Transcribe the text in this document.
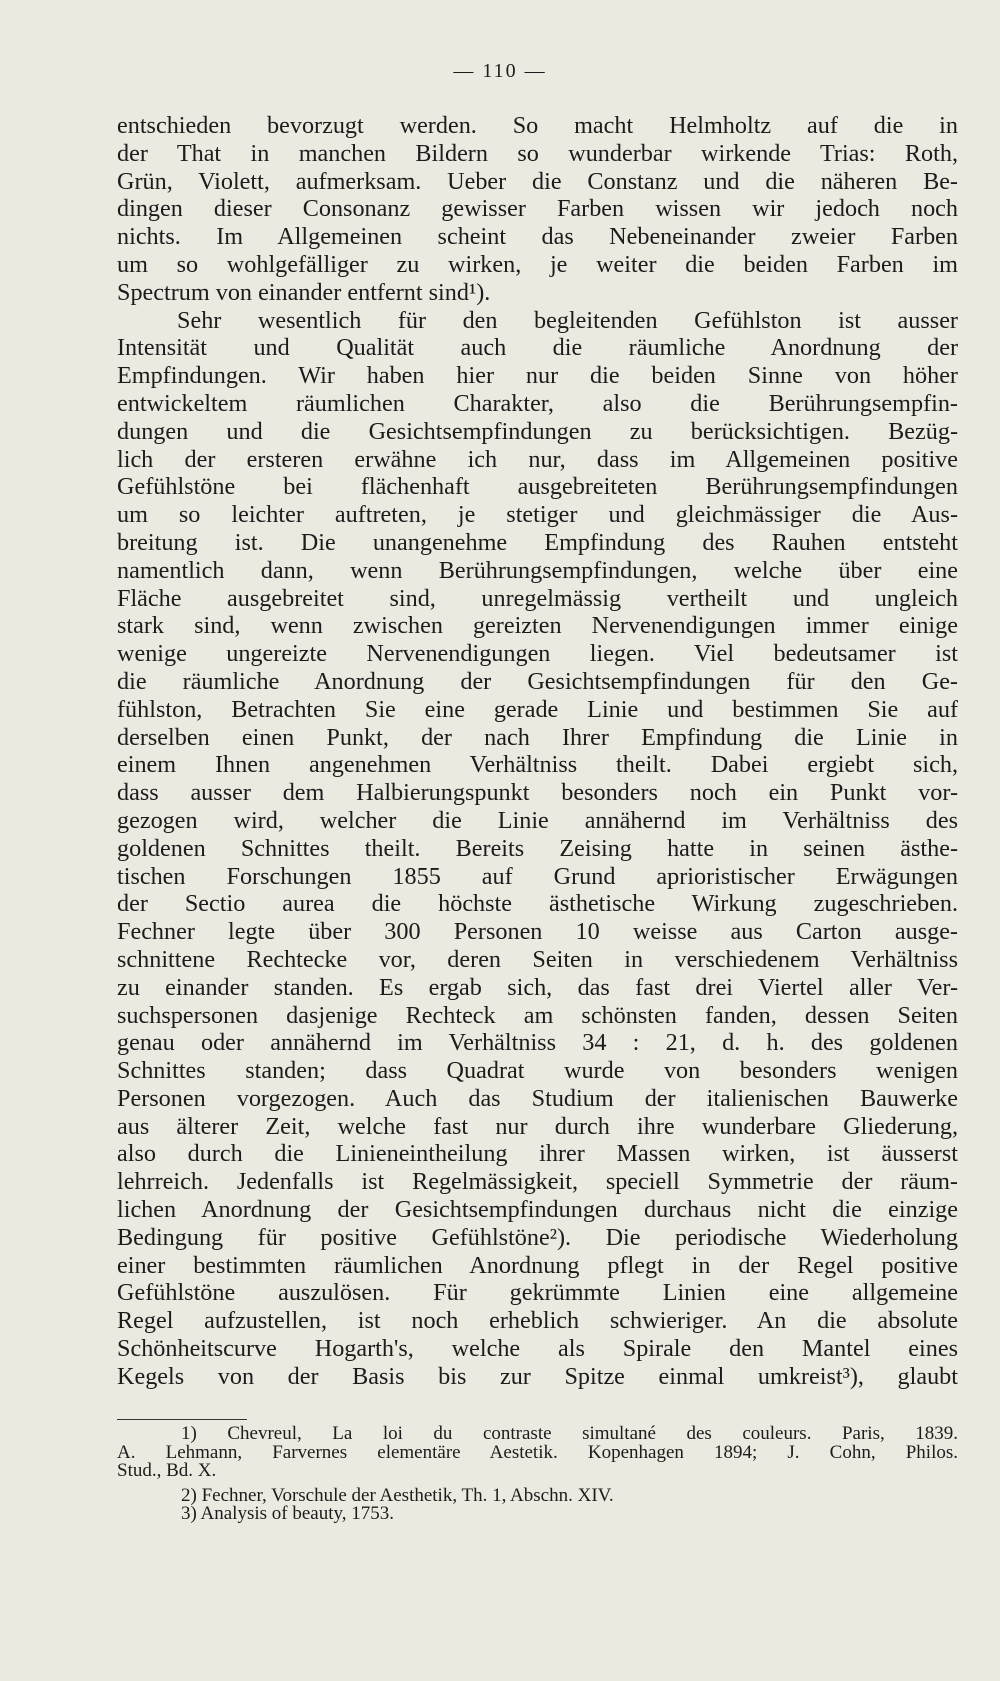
— 110 —
entschieden bevorzugt werden. So macht Helmholtz auf die in
der That in manchen Bildern so wunderbar wirkende Trias: Roth,
Grün, Violett, aufmerksam. Ueber die Constanz und die näheren Be-
dingen dieser Consonanz gewisser Farben wissen wir jedoch noch
nichts. Im Allgemeinen scheint das Nebeneinander zweier Farben
um so wohlgefälliger zu wirken, je weiter die beiden Farben im
Spectrum von einander entfernt sind¹).
Sehr wesentlich für den begleitenden Gefühlston ist ausser
Intensität und Qualität auch die räumliche Anordnung der
Empfindungen. Wir haben hier nur die beiden Sinne von höher
entwickeltem räumlichen Charakter, also die Berührungsempfin-
dungen und die Gesichtsempfindungen zu berücksichtigen. Bezüg-
lich der ersteren erwähne ich nur, dass im Allgemeinen positive
Gefühlstöne bei flächenhaft ausgebreiteten Berührungsempfindungen
um so leichter auftreten, je stetiger und gleichmässiger die Aus-
breitung ist. Die unangenehme Empfindung des Rauhen entsteht
namentlich dann, wenn Berührungsempfindungen, welche über eine
Fläche ausgebreitet sind, unregelmässig vertheilt und ungleich
stark sind, wenn zwischen gereizten Nervenendigungen immer einige
wenige ungereizte Nervenendigungen liegen. Viel bedeutsamer ist
die räumliche Anordnung der Gesichtsempfindungen für den Ge-
fühlston, Betrachten Sie eine gerade Linie und bestimmen Sie auf
derselben einen Punkt, der nach Ihrer Empfindung die Linie in
einem Ihnen angenehmen Verhältniss theilt. Dabei ergiebt sich,
dass ausser dem Halbierungspunkt besonders noch ein Punkt vor-
gezogen wird, welcher die Linie annähernd im Verhältniss des
goldenen Schnittes theilt. Bereits Zeising hatte in seinen ästhe-
tischen Forschungen 1855 auf Grund aprioristischer Erwägungen
der Sectio aurea die höchste ästhetische Wirkung zugeschrieben.
Fechner legte über 300 Personen 10 weisse aus Carton ausge-
schnittene Rechtecke vor, deren Seiten in verschiedenem Verhältniss
zu einander standen. Es ergab sich, das fast drei Viertel aller Ver-
suchspersonen dasjenige Rechteck am schönsten fanden, dessen Seiten
genau oder annähernd im Verhältniss 34 : 21, d. h. des goldenen
Schnittes standen; dass Quadrat wurde von besonders wenigen
Personen vorgezogen. Auch das Studium der italienischen Bauwerke
aus älterer Zeit, welche fast nur durch ihre wunderbare Gliederung,
also durch die Linieneintheilung ihrer Massen wirken, ist äusserst
lehrreich. Jedenfalls ist Regelmässigkeit, speciell Symmetrie der räum-
lichen Anordnung der Gesichtsempfindungen durchaus nicht die einzige
Bedingung für positive Gefühlstöne²). Die periodische Wiederholung
einer bestimmten räumlichen Anordnung pflegt in der Regel positive
Gefühlstöne auszulösen. Für gekrümmte Linien eine allgemeine
Regel aufzustellen, ist noch erheblich schwieriger. An die absolute
Schönheitscurve Hogarth's, welche als Spirale den Mantel eines
Kegels von der Basis bis zur Spitze einmal umkreist³), glaubt
1) Chevreul, La loi du contraste simultané des couleurs. Paris, 1839.
A. Lehmann, Farvernes elementäre Aestetik. Kopenhagen 1894; J. Cohn, Philos.
Stud., Bd. X.
2) Fechner, Vorschule der Aesthetik, Th. 1, Abschn. XIV.
3) Analysis of beauty, 1753.
